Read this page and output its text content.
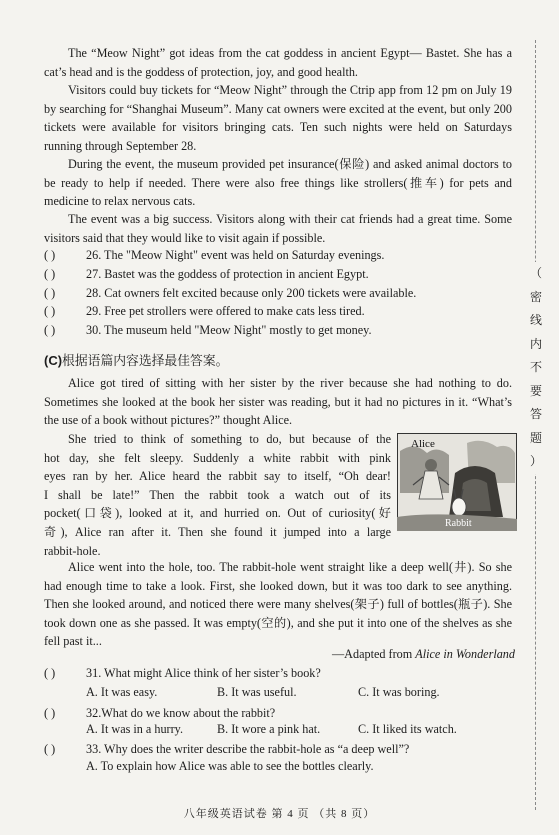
The “Meow Night” got ideas from the cat goddess in ancient Egypt— Bastet. She has a cat’s head and is the goddess of protection, joy, and good health.
Visitors could buy tickets for “Meow Night” through the Ctrip app from 12 pm on July 19 by searching for “Shanghai Museum”. Many cat owners were excited at the event, but only 200 tickets were available for visitors bringing cats. Ten such nights were held on Saturdays running through September 28.
During the event, the museum provided pet insurance(保险) and asked animal doctors to be ready to help if needed. There were also free things like strollers(推车) for pets and medicine to relax nervous cats.
The event was a big success. Visitors along with their cat friends had a great time. Some visitors said that they would like to visit again if possible.
( )	26. The "Meow Night" event was held on Saturday evenings.
( )	27. Bastet was the goddess of protection in ancient Egypt.
( )	28. Cat owners felt excited because only 200 tickets were available.
( )	29. Free pet strollers were offered to make cats less tired.
( )	30. The museum held "Meow Night" mostly to get money.
(C)根据语篇内容选择最佳答案。
Alice got tired of sitting with her sister by the river because she had nothing to do. Sometimes she looked at the book her sister was reading, but it had no pictures in it. “What’s the use of a book without pictures?” thought Alice.
She tried to think of something to do, but because of the
hot day, she felt sleepy. Suddenly a white rabbit with pink
eyes ran by her. Alice heard the rabbit say to itself, “Oh dear!
I shall be late!” Then the rabbit took a watch out of its
pocket(口袋), looked at it, and hurried on. Out of curiosity(好
奇), Alice ran after it. Then she found it jumped into a large
rabbit-hole.
Alice
Rabbit
Alice went into the hole, too. The rabbit-hole went straight like a deep well(井). So she had enough time to take a look. First, she looked down, but it was too dark to see anything. Then she looked around, and noticed there were many shelves(架子) full of bottles(瓶子). She took down one as she passed. It was empty(空的), and she put it into one of the shelves as she fell past it...
—Adapted from Alice in Wonderland
( )	31. What might Alice think of her sister’s book?
A. It was easy.	B. It was useful.	C. It was boring.
( )	32.What do we know about the rabbit?
A. It was in a hurry.	B. It wore a pink hat.	C. It liked its watch.
( )	33. Why does the writer describe the rabbit-hole as “a deep well”?
A. To explain how Alice was able to see the bottles clearly.
八年级英语试卷 第 4 页 （共 8 页）
（
密
线
内
不
要
答
题
）
